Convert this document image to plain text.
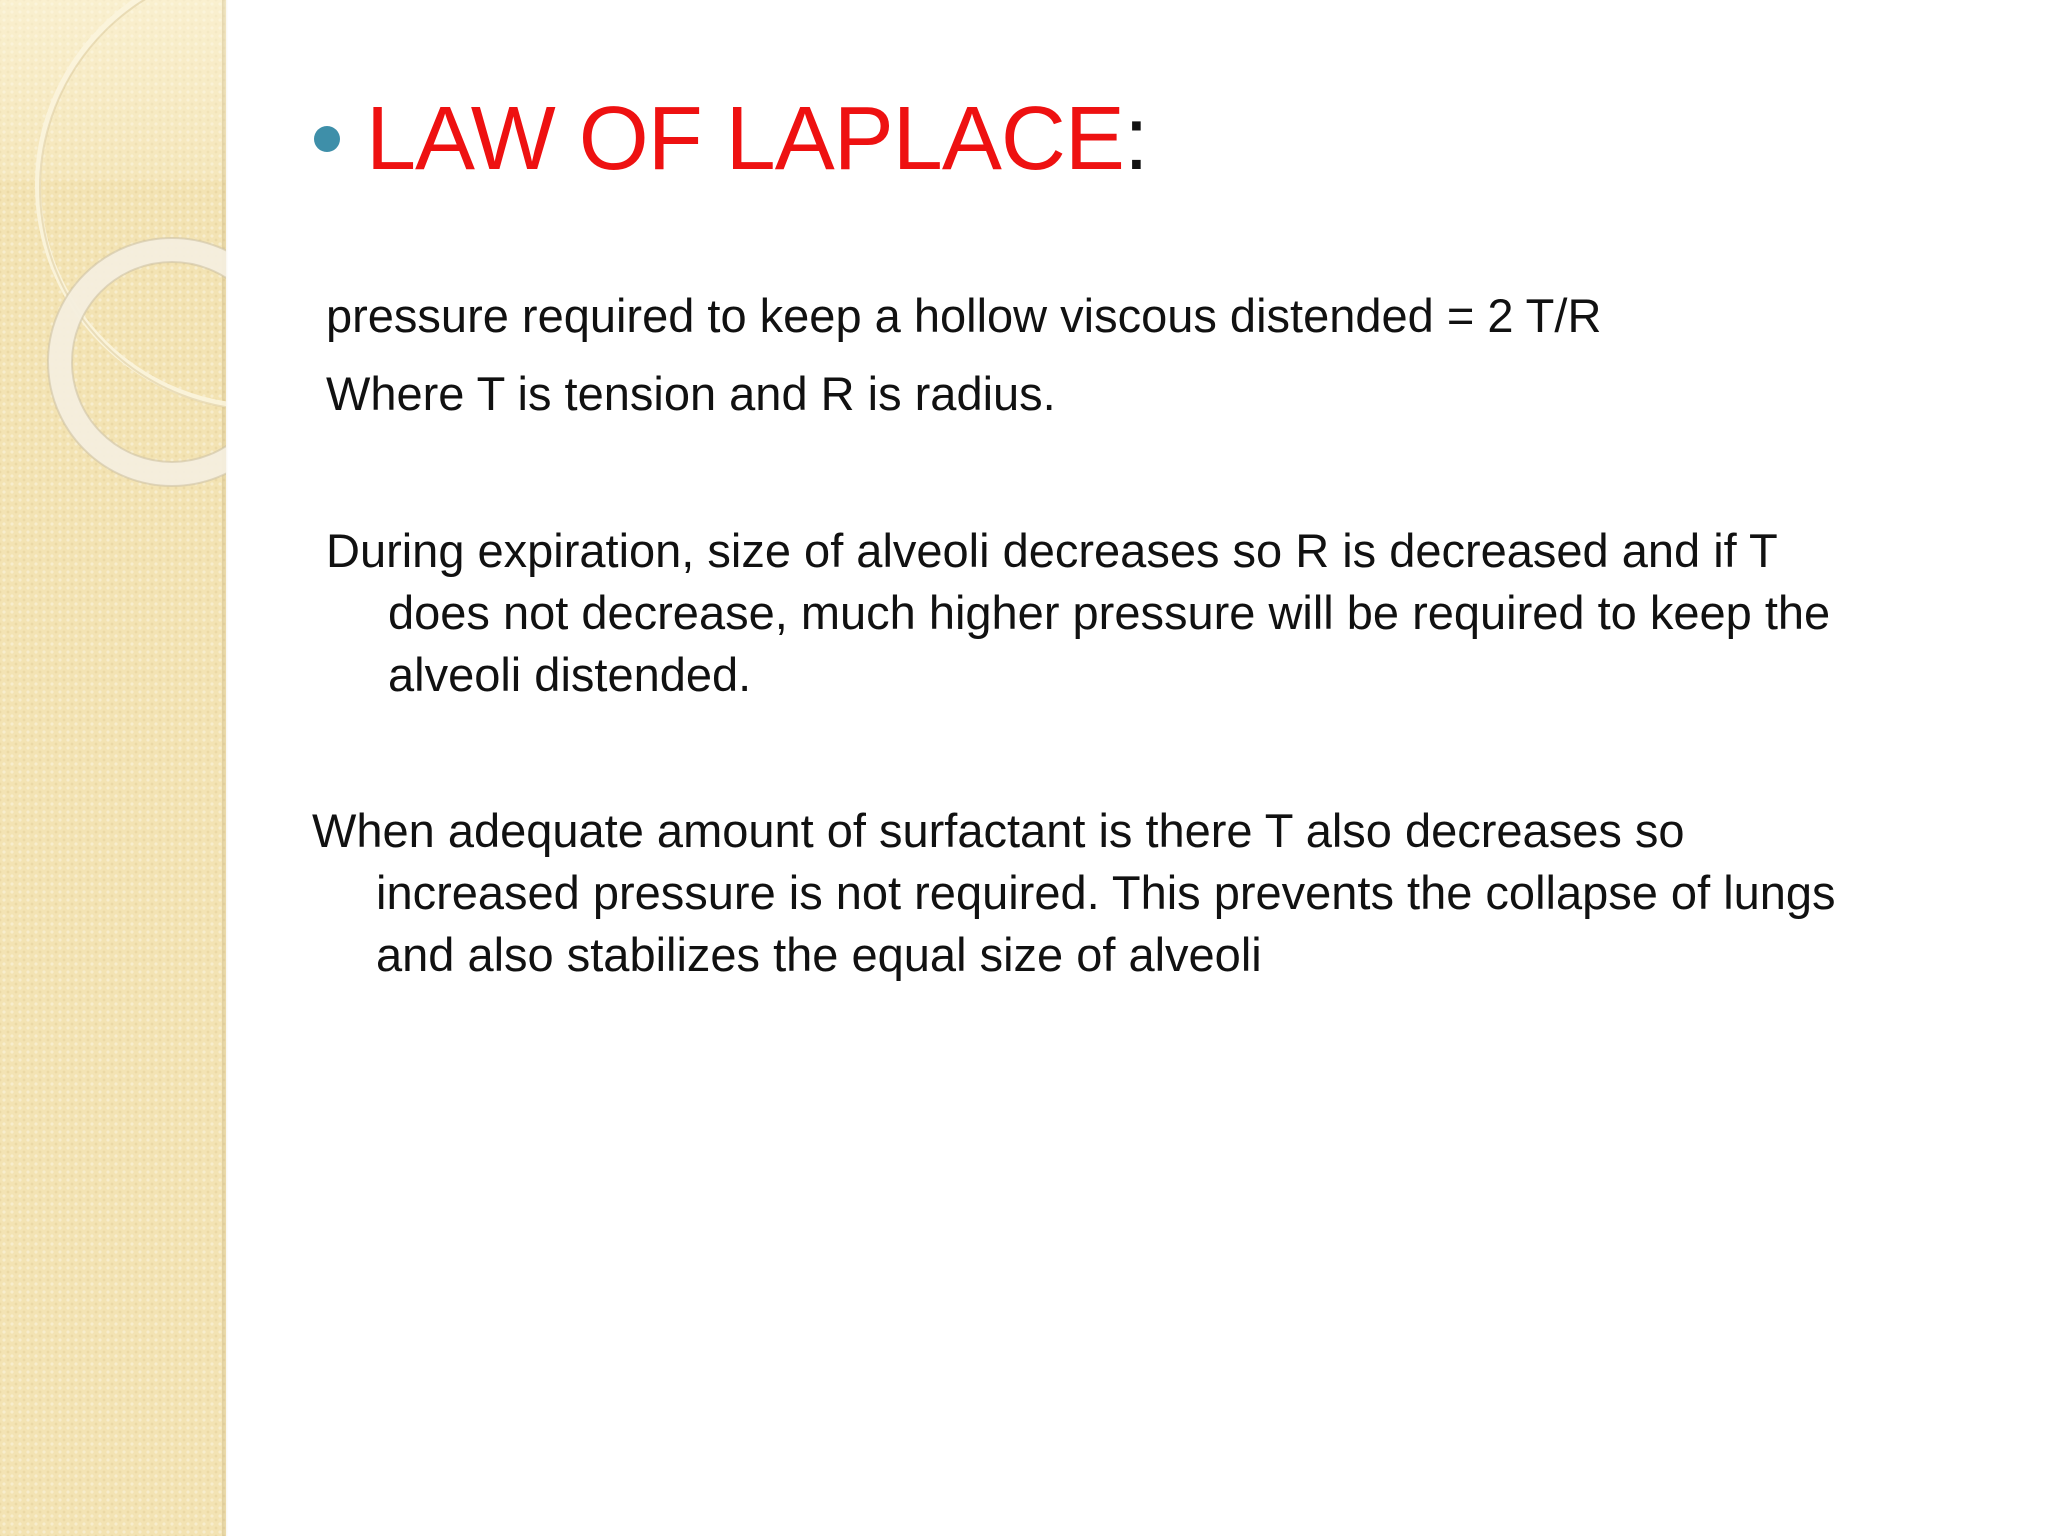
LAW OF LAPLACE :
pressure required to keep a hollow viscous distended = 2 T/R
Where T is tension and R is radius.
During expiration, size of alveoli decreases so R is decreased and if T
does not decrease, much higher pressure will be required to keep the
alveoli distended.
When adequate amount of surfactant is there T also decreases so
increased pressure is not required. This prevents the collapse of lungs
and also stabilizes the equal size of alveoli
